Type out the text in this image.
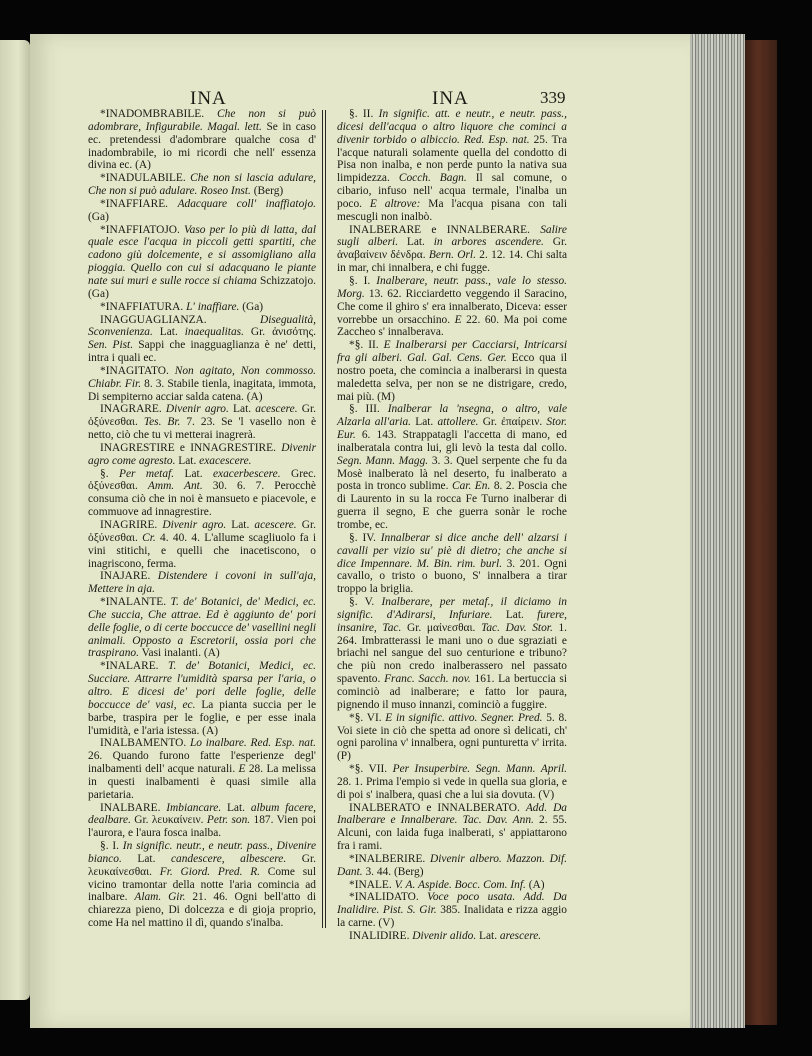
INA	INA	339

*INADOMBRABILE. Che non si può adombrare, Infigurabile. Magal. lett. Se in caso ec. pretendessi d'adombrare qualche cosa d' inadombrabile, io mi ricordi che nell' essenza divina ec. (A)

*INADULABILE. Che non si lascia adulare, Che non si può adulare. Roseo Inst. (Berg)

*INAFFIARE. Adacquare coll' inaffiatojo. (Ga)

*INAFFIATOJO. Vaso per lo più di latta, dal quale esce l'acqua in piccoli getti spartiti, che cadono giù dolcemente, e si assomigliano alla pioggia. Quello con cui si adacquano le piante nate sui muri e sulle rocce si chiama Schizzatojo. (Ga)

*INAFFIATURA. L' inaffiare. (Ga)

INAGGUAGLIANZA. Disegualità, Sconvenienza. Lat. inaequalitas. Gr. ἀνισότης. Sen. Pist. Sappi che inagguaglianza è ne' detti, intra i quali ec.

*INAGITATO. Non agitato, Non commosso. Chiabr. Fir. 8. 3. Stabile tienla, inagitata, immota, Di sempiterno acciar salda catena. (A)

INAGRARE. Divenir agro. Lat. acescere. Gr. ὀξύνεσθαι. Tes. Br. 7. 23. Se 'l vasello non è netto, ciò che tu vi metterai inagrerà.

INAGRESTIRE e INNAGRESTIRE. Divenir agro come agresto. Lat. exacescere.

§. Per metaf. Lat. exacerbescere. Grec. ὀξύνεσθαι. Amm. Ant. 30. 6. 7. Perocchè consuma ciò che in noi è mansueto e piacevole, e commuove ad innagrestire.

INAGRIRE. Divenir agro. Lat. acescere. Gr. ὀξύνεσθαι. Cr. 4. 40. 4. L'allume scagliuolo fa i vini stitichi, e quelli che inacetiscono, o inagriscono, ferma.

INAJARE. Distendere i covoni in sull'aja, Mettere in aja.

*INALANTE. T. de' Botanici, de' Medici, ec. Che succia, Che attrae. Ed è aggiunto de' pori delle foglie, o di certe boccucce de' vasellini negli animali. Opposto a Escretorii, ossia pori che traspirano. Vasi inalanti. (A)

*INALARE. T. de' Botanici, Medici, ec. Succiare. Attrarre l'umidità sparsa per l'aria, o altro. E dicesi de' pori delle foglie, delle boccucce de' vasi, ec. La pianta succia per le barbe, traspira per le foglie, e per esse inala l'umidità, e l'aria istessa. (A)

INALBAMENTO. Lo inalbare. Red. Esp. nat. 26. Quando furono fatte l'esperienze degl' inalbamenti dell' acque naturali. E 28. La melissa in questi inalbamenti è quasi simile alla parietaria.

INALBARE. Imbiancare. Lat. album facere, dealbare. Gr. λευκαίνειν. Petr. son. 187. Vien poi l'aurora, e l'aura fosca inalba.

§. I. In signific. neutr., e neutr. pass., Divenire bianco. Lat. candescere, albescere. Gr. λευκαίνεσθαι. Fr. Giord. Pred. R. Come sul vicino tramontar della notte l'aria comincia ad inalbare. Alam. Gir. 21. 46. Ogni bell'atto di chiarezza pieno, Di dolcezza e di gioja proprio, come Ha nel mattino il dì, quando s'inalba.

§. II. In signific. att. e neutr., e neutr. pass., dicesi dell'acqua o altro liquore che cominci a divenir torbido o albiccio. Red. Esp. nat. 25. Tra l'acque naturali solamente quella del condotto di Pisa non inalba, e non perde punto la nativa sua limpidezza. Cocch. Bagn. Il sal comune, o cibario, infuso nell' acqua termale, l'inalba un poco. E altrove: Ma l'acqua pisana con tali mescugli non inalbò.

INALBERARE e INNALBERARE. Salire sugli alberi. Lat. in arbores ascendere. Gr. ἀναβαίνειν δένδρα. Bern. Orl. 2. 12. 14. Chi salta in mar, chi innalbera, e chi fugge.

§. I. Inalberare, neutr. pass., vale lo stesso. Morg. 13. 62. Ricciardetto veggendo il Saracino, Che come il ghiro s' era innalberato, Diceva: esser vorrebbe un orsacchino. E 22. 60. Ma poi come Zaccheo s' innalberava.

*§. II. E Inalberarsi per Cacciarsi, Intricarsi fra gli alberi. Gal. Gal. Cens. Ger. Ecco qua il nostro poeta, che comincia a inalberarsi in questa maledetta selva, per non se ne distrigare, credo, mai più. (M)

§. III. Inalberar la 'nsegna, o altro, vale Alzarla all'aria. Lat. attollere. Gr. ἐπαίρειν. Stor. Eur. 6. 143. Strappatagli l'accetta di mano, ed inalberatala contra lui, gli levò la testa dal collo. Segn. Mann. Magg. 3. 3. Quel serpente che fu da Mosè inalberato là nel deserto, fu inalberato a posta in tronco sublime. Car. En. 8. 2. Poscia che di Laurento in su la rocca Fe Turno inalberar di guerra il segno, E che guerra sonàr le roche trombe, ec.

§. IV. Innalberar si dice anche dell' alzarsi i cavalli per vizio su' piè di dietro; che anche si dice Impennare. M. Bin. rim. burl. 3. 201. Ogni cavallo, o tristo o buono, S' innalbera a tirar troppo la briglia.

§. V. Inalberare, per metaf., il diciamo in signific. d'Adirarsi, Infuriare. Lat. furere, insanire, Tac. Gr. μαίνεσθαι. Tac. Dav. Stor. 1. 264. Imbratterassi le mani uno o due sgraziati e briachi nel sangue del suo centurione e tribuno? che più non credo inalberassero nel passato spavento. Franc. Sacch. nov. 161. La bertuccia si cominciò ad inalberare; e fatto lor paura, pignendo il muso innanzi, cominciò a fuggire.

*§. VI. E in signific. attivo. Segner. Pred. 5. 8. Voi siete in ciò che spetta ad onore sì delicati, ch' ogni parolina v' innalbera, ogni punturetta v' irrita. (P)

*§. VII. Per Insuperbire. Segn. Mann. April. 28. 1. Prima l'empio si vede in quella sua gloria, e di poi s' inalbera, quasi che a lui sia dovuta. (V)

INALBERATO e INNALBERATO. Add. Da Inalberare e Innalberare. Tac. Dav. Ann. 2. 55. Alcuni, con laida fuga inalberati, s' appiattarono fra i rami.

*INALBERIRE. Divenir albero. Mazzon. Dif. Dant. 3. 44. (Berg)

*INALE. V. A. Aspide. Bocc. Com. Inf. (A)

*INALIDATO. Voce poco usata. Add. Da Inalidire. Pist. S. Gir. 385. Inalidata e rizza aggio la carne. (V)

INALIDIRE. Divenir alido. Lat. arescere.
